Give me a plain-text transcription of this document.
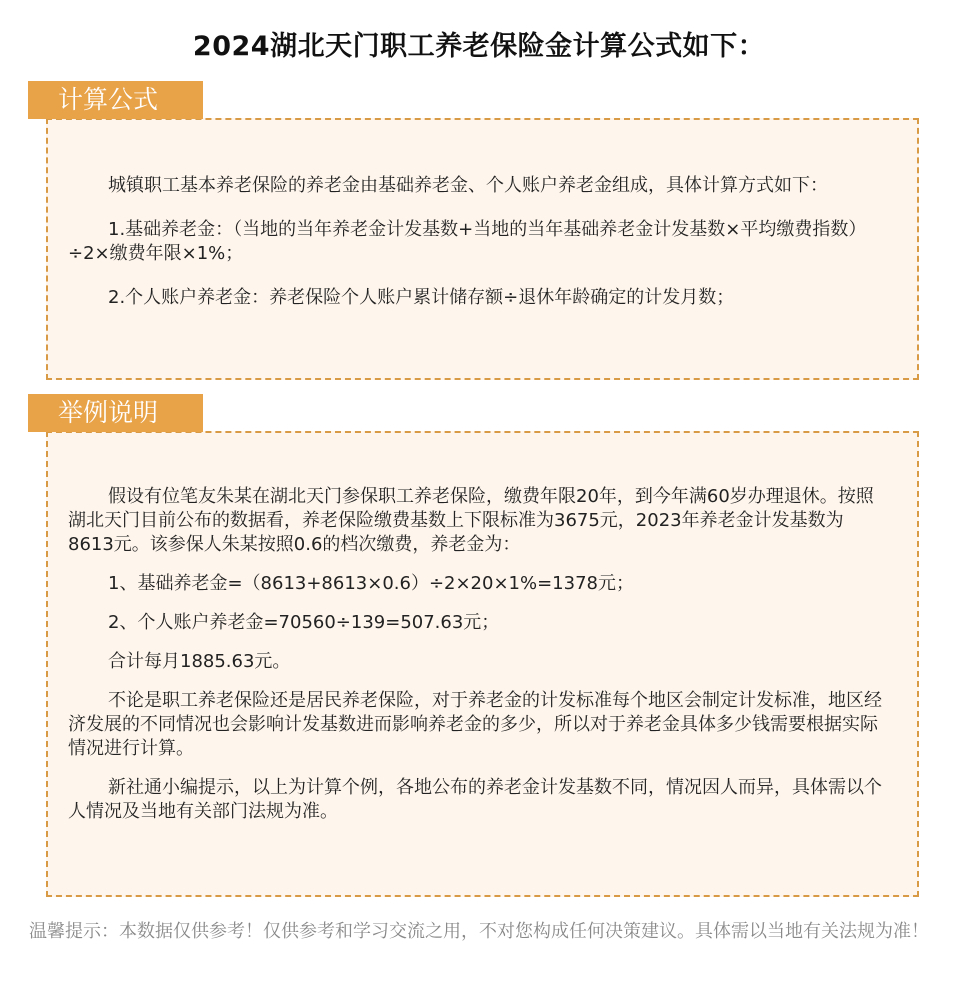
2024湖北天门职工养老保险金计算公式如下：
计算公式

城镇职工基本养老保险的养老金由基础养老金、个人账户养老金组成，具体计算方式如下：

1.基础养老金：（当地的当年养老金计发基数+当地的当年基础养老金计发基数×平均缴费指数）÷2×缴费年限×1%；

2.个人账户养老金：养老保险个人账户累计储存额÷退休年龄确定的计发月数；

举例说明

假设有位笔友朱某在湖北天门参保职工养老保险，缴费年限20年，到今年满60岁办理退休。按照湖北天门目前公布的数据看，养老保险缴费基数上下限标准为3675元，2023年养老金计发基数为8613元。该参保人朱某按照0.6的档次缴费，养老金为：

1、基础养老金=（8613+8613×0.6）÷2×20×1%=1378元；

2、个人账户养老金=70560÷139=507.63元；

合计每月1885.63元。

不论是职工养老保险还是居民养老保险，对于养老金的计发标准每个地区会制定计发标准，地区经济发展的不同情况也会影响计发基数进而影响养老金的多少，所以对于养老金具体多少钱需要根据实际情况进行计算。

新社通小编提示，以上为计算个例，各地公布的养老金计发基数不同，情况因人而异，具体需以个人情况及当地有关部门法规为准。

温馨提示：本数据仅供参考！仅供参考和学习交流之用，不对您构成任何决策建议。具体需以当地有关法规为准！
